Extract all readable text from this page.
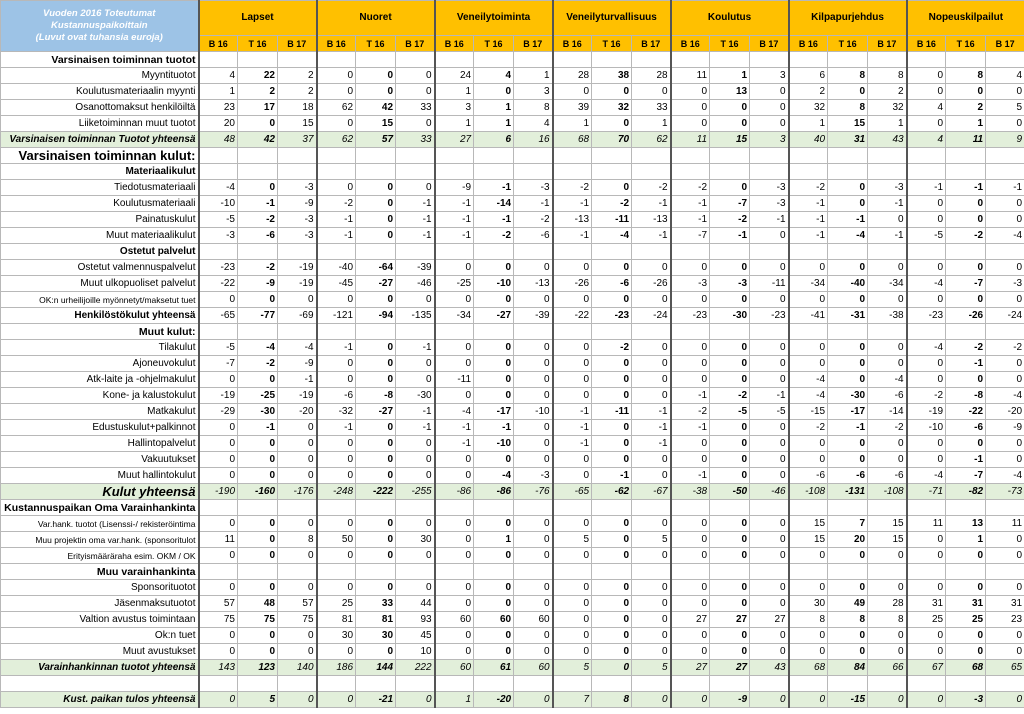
Vuoden 2016 Toteutumat
Kustannuspaikoittain
(Luvut ovat tuhansia euroja)	Lapset			Nuoret			Veneilytoiminta			Veneilyturvallisuus			Koulutus			Kilpapurjehdus			Nopeuskilpailut		
	B 16	T 16	B 17	B 16	T 16	B 17	B 16	T 16	B 17	B 16	T 16	B 17	B 16	T 16	B 17	B 16	T 16	B 17	B 16	T 16	B 17
Varsinaisen toiminnan tuotot																					
Myyntituotot	4	22	2	0	0	0	24	4	1	28	38	28	11	1	3	6	8	8	0	8	4
Koulutusmateriaalin myynti	1	2	2	0	0	0	1	0	3	0	0	0	0	13	0	2	0	2	0	0	0
Osanottomaksut henkilöiltä	23	17	18	62	42	33	3	1	8	39	32	33	0	0	0	32	8	32	4	2	5
Liiketoiminnan muut tuotot	20	0	15	0	15	0	1	1	4	1	0	1	0	0	0	1	15	1	0	1	0
Varsinaisen toiminnan Tuotot yhteensä	48	42	37	62	57	33	27	6	16	68	70	62	11	15	3	40	31	43	4	11	9
Varsinaisen toiminnan kulut:																					
Materiaalikulut																					
Tiedotusmateriaali	-4	0	-3	0	0	0	-9	-1	-3	-2	0	-2	-2	0	-3	-2	0	-3	-1	-1	-1
Koulutusmateriaali	-10	-1	-9	-2	0	-1	-1	-14	-1	-1	-2	-1	-1	-7	-3	-1	0	-1	0	0	0
Painatuskulut	-5	-2	-3	-1	0	-1	-1	-1	-2	-13	-11	-13	-1	-2	-1	-1	-1	0	0	0	0
Muut materiaalikulut	-3	-6	-3	-1	0	-1	-1	-2	-6	-1	-4	-1	-7	-1	0	-1	-4	-1	-5	-2	-4
Ostetut palvelut																					
Ostetut valmennuspalvelut	-23	-2	-19	-40	-64	-39	0	0	0	0	0	0	0	0	0	0	0	0	0	0	0
Muut ulkopuoliset palvelut	-22	-9	-19	-45	-27	-46	-25	-10	-13	-26	-6	-26	-3	-3	-11	-34	-40	-34	-4	-7	-3
OK:n urheilijoille myönnetyt/maksetut tuet	0	0	0	0	0	0	0	0	0	0	0	0	0	0	0	0	0	0	0	0	0
Henkilöstökulut yhteensä	-65	-77	-69	-121	-94	-135	-34	-27	-39	-22	-23	-24	-23	-30	-23	-41	-31	-38	-23	-26	-24
Muut kulut:																					
Tilakulut	-5	-4	-4	-1	0	-1	0	0	0	0	-2	0	0	0	0	0	0	0	-4	-2	-2
Ajoneuvokulut	-7	-2	-9	0	0	0	0	0	0	0	0	0	0	0	0	0	0	0	0	-1	0
Atk-laite ja -ohjelmakulut	0	0	-1	0	0	0	-11	0	0	0	0	0	0	0	0	-4	0	-4	0	0	0
Kone- ja kalustokulut	-19	-25	-19	-6	-8	-30	0	0	0	0	0	0	-1	-2	-1	-4	-30	-6	-2	-8	-4
Matkakulut	-29	-30	-20	-32	-27	-1	-4	-17	-10	-1	-11	-1	-2	-5	-5	-15	-17	-14	-19	-22	-20
Edustuskulut+palkinnot	0	-1	0	-1	0	-1	-1	-1	0	-1	0	-1	-1	0	0	-2	-1	-2	-10	-6	-9
Hallintopalvelut	0	0	0	0	0	0	-1	-10	0	-1	0	-1	0	0	0	0	0	0	0	0	0
Vakuutukset	0	0	0	0	0	0	0	0	0	0	0	0	0	0	0	0	0	0	0	-1	0
Muut hallintokulut	0	0	0	0	0	0	0	-4	-3	0	-1	0	-1	0	0	-6	-6	-6	-4	-7	-4
Kulut yhteensä	-190	-160	-176	-248	-222	-255	-86	-86	-76	-65	-62	-67	-38	-50	-46	-108	-131	-108	-71	-82	-73
Kustannuspaikan Oma Varainhankinta																					
Var.hank. tuotot (Lisenssi-/ rekisteröintima	0	0	0	0	0	0	0	0	0	0	0	0	0	0	0	15	7	15	11	13	11
Muu projektin oma var.hank. (sponsoritulot	11	0	8	50	0	30	0	1	0	5	0	5	0	0	0	15	20	15	0	1	0
Erityismääräraha esim. OKM / OK	0	0	0	0	0	0	0	0	0	0	0	0	0	0	0	0	0	0	0	0	0
Muu varainhankinta																					
Sponsorituotot	0	0	0	0	0	0	0	0	0	0	0	0	0	0	0	0	0	0	0	0	0
Jäsenmaksutuotot	57	48	57	25	33	44	0	0	0	0	0	0	0	0	0	30	49	28	31	31	31
Valtion avustus toimintaan	75	75	75	81	81	93	60	60	60	0	0	0	27	27	27	8	8	8	25	25	23
Ok:n tuet	0	0	0	30	30	45	0	0	0	0	0	0	0	0	0	0	0	0	0	0	0
Muut avustukset	0	0	0	0	0	10	0	0	0	0	0	0	0	0	0	0	0	0	0	0	0
Varainhankinnan tuotot yhteensä	143	123	140	186	144	222	60	61	60	5	0	5	27	27	43	68	84	66	67	68	65

Kust. paikan tulos yhteensä	0	5	0	0	-21	0	1	-20	0	7	8	0	0	-9	0	0	-15	0	0	-3	0
